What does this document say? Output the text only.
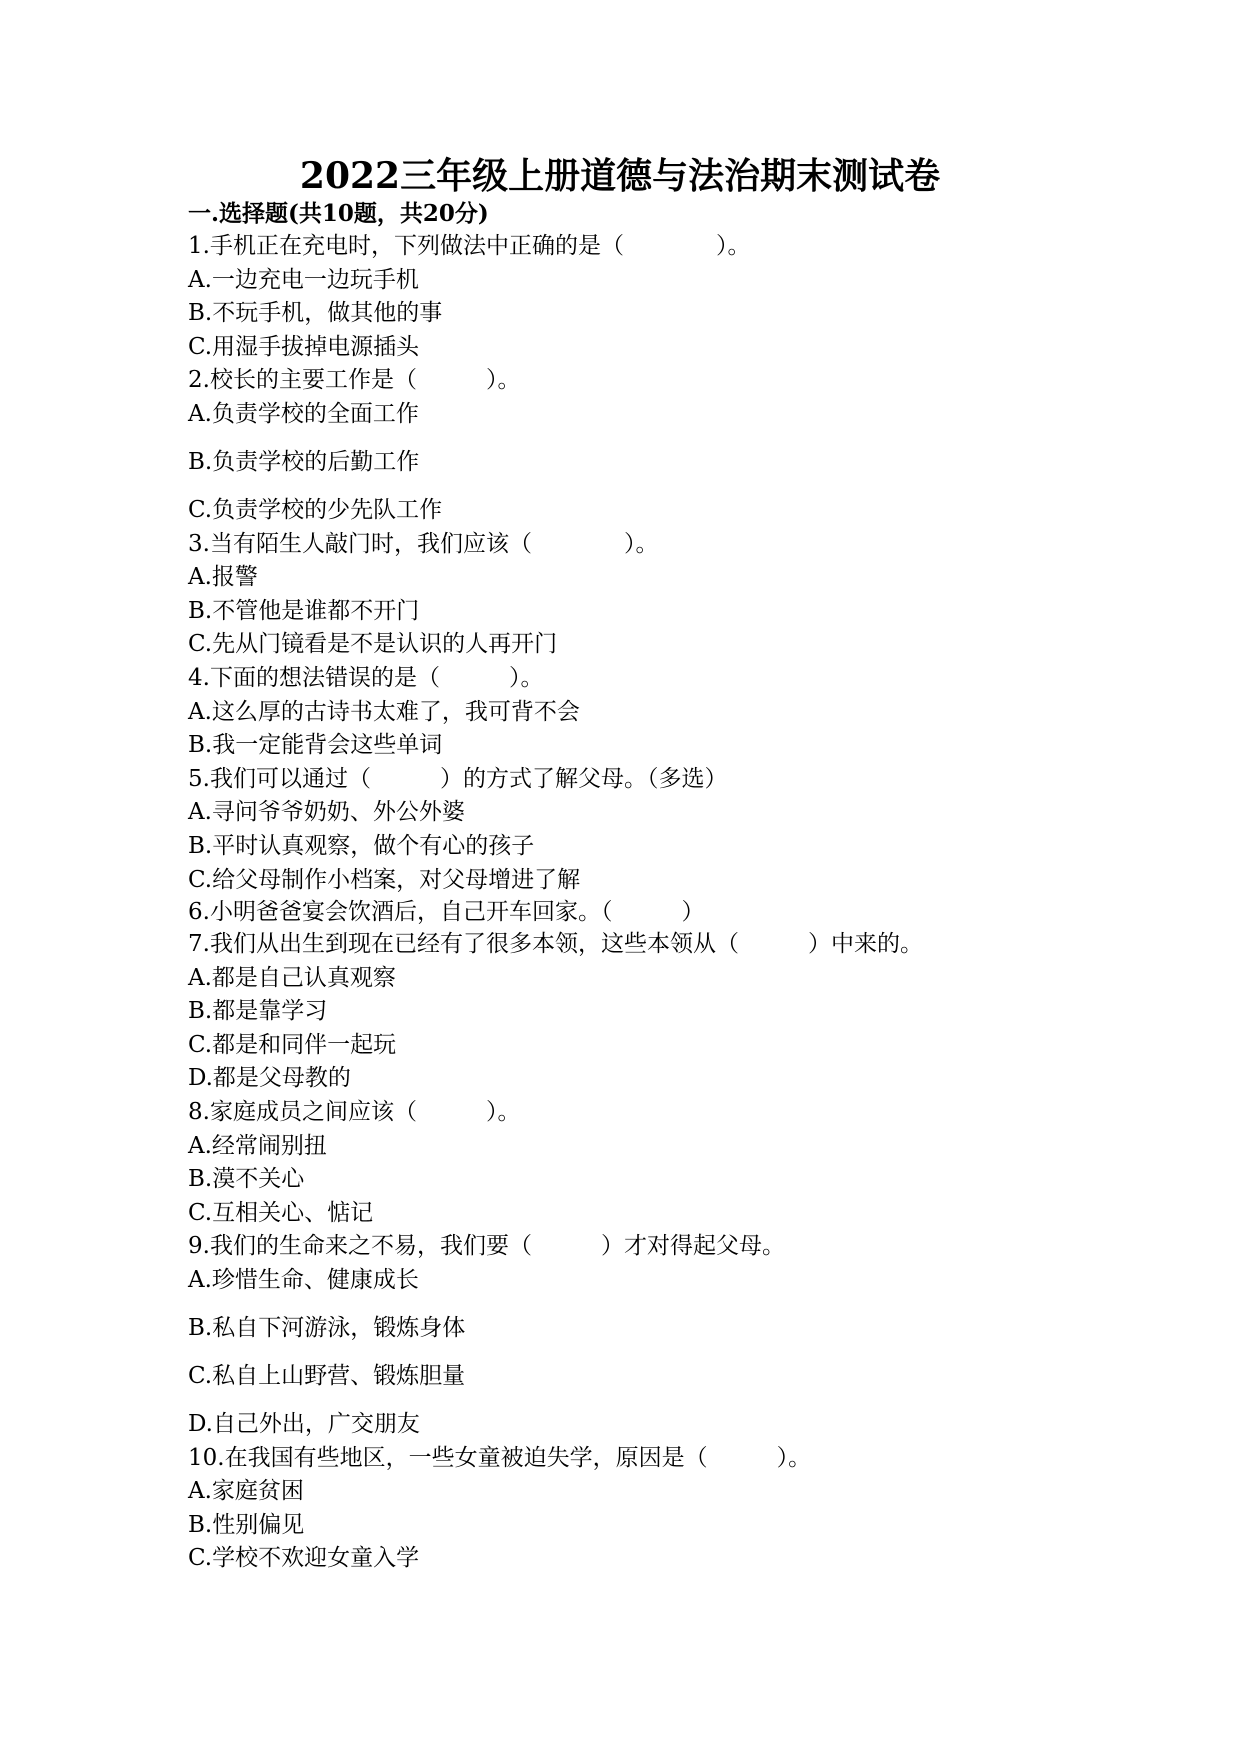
2022三年级上册道德与法治期末测试卷
一.选择题(共10题，共20分)
1.手机正在充电时，下列做法中正确的是（　　　　）。
A.一边充电一边玩手机
B.不玩手机，做其他的事
C.用湿手拔掉电源插头
2.校长的主要工作是（　　　）。
A.负责学校的全面工作
B.负责学校的后勤工作
C.负责学校的少先队工作
3.当有陌生人敲门时，我们应该（　　　　）。
A.报警
B.不管他是谁都不开门
C.先从门镜看是不是认识的人再开门
4.下面的想法错误的是（　　　）。
A.这么厚的古诗书太难了，我可背不会
B.我一定能背会这些单词
5.我们可以通过（　　　）的方式了解父母。（多选）
A.寻问爷爷奶奶、外公外婆
B.平时认真观察，做个有心的孩子
C.给父母制作小档案，对父母增进了解
6.小明爸爸宴会饮酒后，自己开车回家。（　　　）
7.我们从出生到现在已经有了很多本领，这些本领从（　　　）中来的。
A.都是自己认真观察
B.都是靠学习
C.都是和同伴一起玩
D.都是父母教的
8.家庭成员之间应该（　　　）。
A.经常闹别扭
B.漠不关心
C.互相关心、惦记
9.我们的生命来之不易，我们要（　　　）才对得起父母。
A.珍惜生命、健康成长
B.私自下河游泳，锻炼身体
C.私自上山野营、锻炼胆量
D.自己外出，广交朋友
10.在我国有些地区，一些女童被迫失学，原因是（　　　）。
A.家庭贫困
B.性别偏见
C.学校不欢迎女童入学
